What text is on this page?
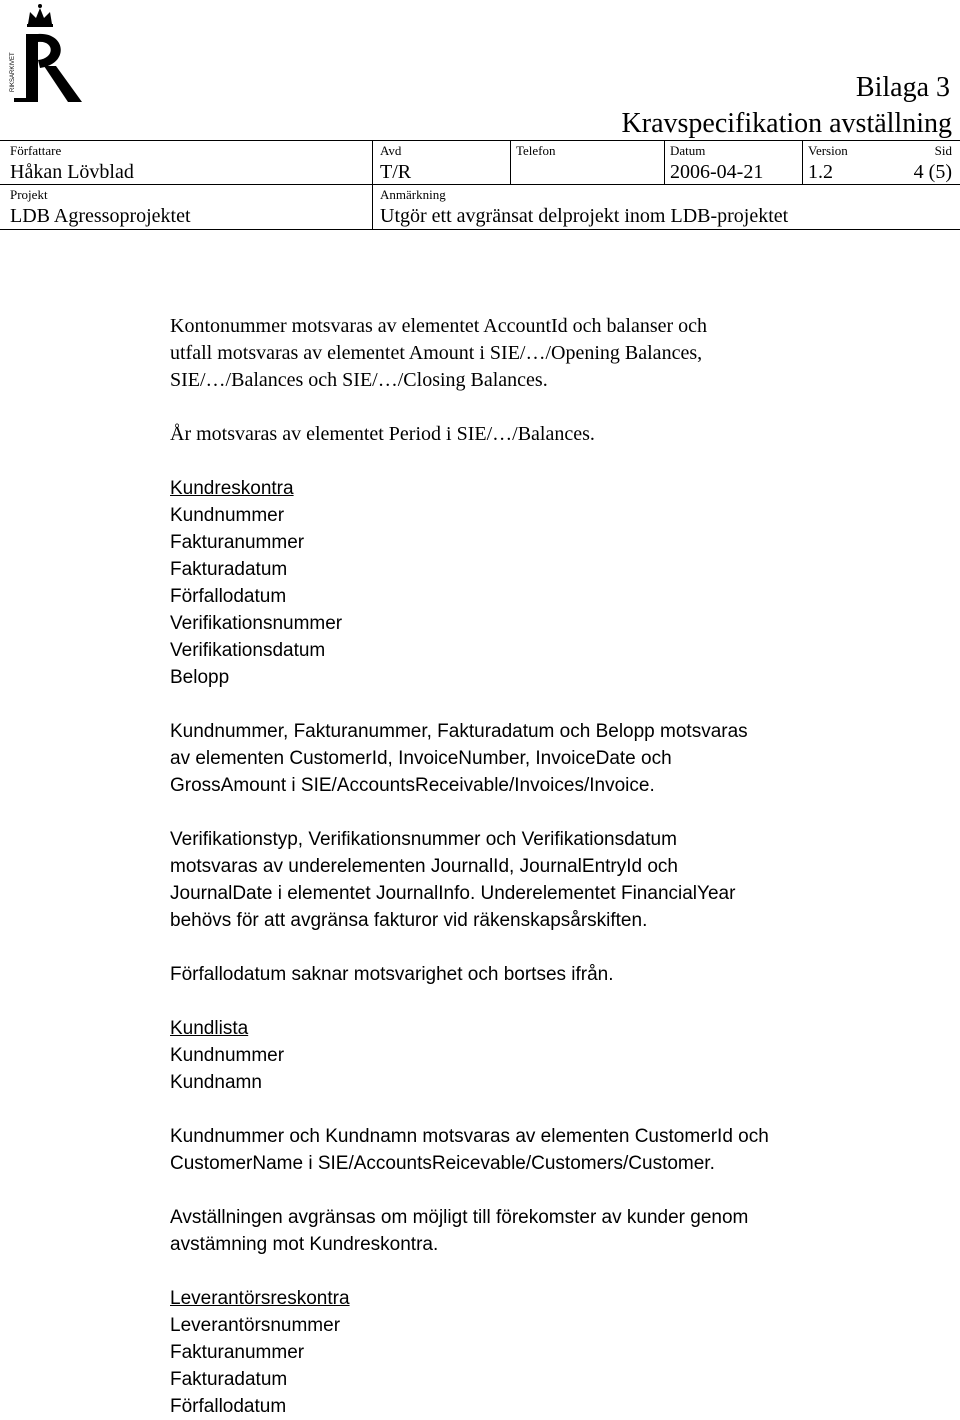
RIKSARKIVET	Bilaga 3
Kravspecifikation avställning
Författare
Håkan Lövblad
Avd
T/R
Telefon	Datum
2006-04-21
Version
1.2
Sid
4 (5)
Projekt
LDB Agressoprojektet
Anmärkning
Utgör ett avgränsat delprojekt inom LDB-projektet

Kontonummer motsvaras av elementet AccountId och balanser och
utfall motsvaras av elementet Amount i SIE/…/Opening Balances,
SIE/…/Balances och SIE/…/Closing Balances.

År motsvaras av elementet Period i SIE/…/Balances.

Kundreskontra
Kundnummer
Fakturanummer
Fakturadatum
Förfallodatum
Verifikationsnummer
Verifikationsdatum
Belopp

Kundnummer, Fakturanummer, Fakturadatum och Belopp motsvaras
av elementen CustomerId, InvoiceNumber, InvoiceDate och
GrossAmount i SIE/AccountsReceivable/Invoices/Invoice.

Verifikationstyp, Verifikationsnummer och Verifikationsdatum
motsvaras av underelementen JournalId, JournalEntryId och
JournalDate i elementet JournalInfo. Underelementet FinancialYear
behövs för att avgränsa fakturor vid räkenskapsårskiften.

Förfallodatum saknar motsvarighet och bortses ifrån.

Kundlista
Kundnummer
Kundnamn

Kundnummer och Kundnamn motsvaras av elementen CustomerId och
CustomerName i SIE/AccountsReicevable/Customers/Customer.

Avställningen avgränsas om möjligt till förekomster av kunder genom
avstämning mot Kundreskontra.

Leverantörsreskontra
Leverantörsnummer
Fakturanummer
Fakturadatum
Förfallodatum
